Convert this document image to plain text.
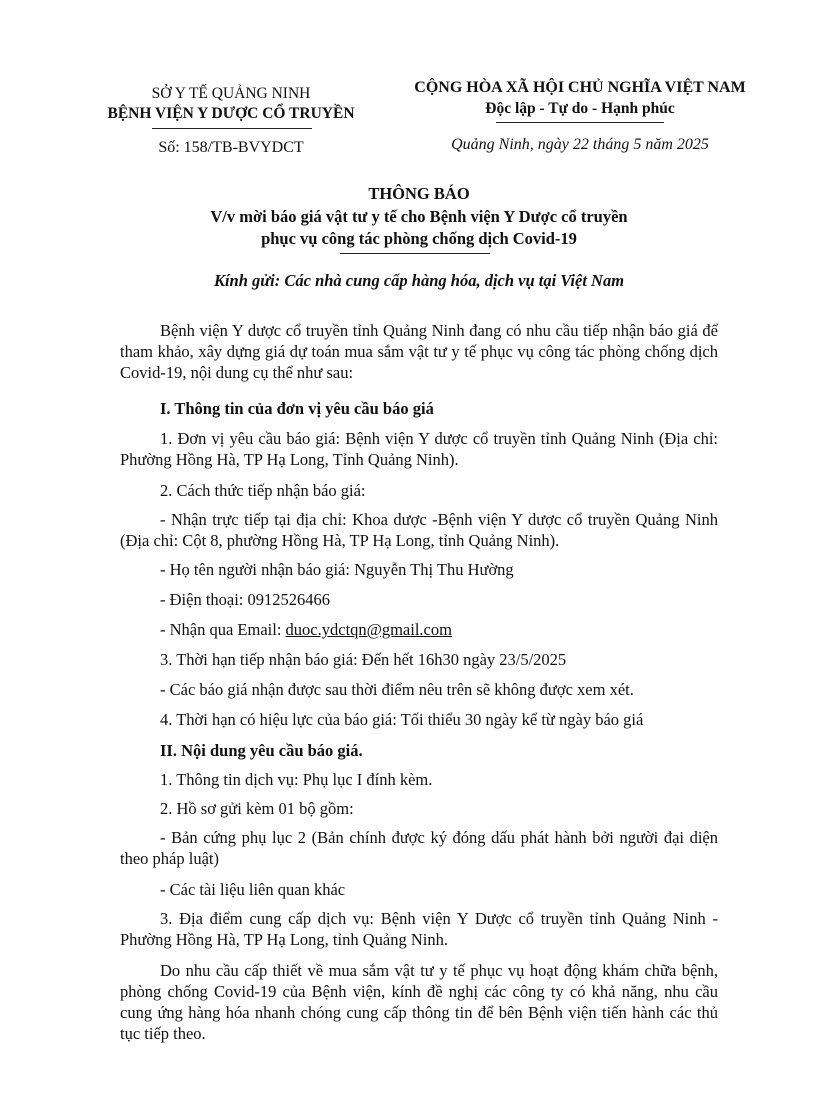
SỞ Y TẾ QUẢNG NINH
BỆNH VIỆN Y DƯỢC CỔ TRUYỀN
Số: 158/TB-BVYDCT
CỘNG HÒA XÃ HỘI CHỦ NGHĨA VIỆT NAM
Độc lập - Tự do - Hạnh phúc
Quảng Ninh, ngày 22 tháng 5 năm 2025
THÔNG BÁO
V/v mời báo giá vật tư y tế cho Bệnh viện Y Dược cổ truyền
phục vụ công tác phòng chống dịch Covid-19
Kính gửi: Các nhà cung cấp hàng hóa, dịch vụ tại Việt Nam
Bệnh viện Y dược cổ truyền tỉnh Quảng Ninh đang có nhu cầu tiếp nhận báo giá để tham khảo, xây dựng giá dự toán mua sắm vật tư y tế phục vụ công tác phòng chống dịch Covid-19, nội dung cụ thể như sau:
I. Thông tin của đơn vị yêu cầu báo giá
1. Đơn vị yêu cầu báo giá: Bệnh viện Y dược cổ truyền tỉnh Quảng Ninh (Địa chỉ: Phường Hồng Hà, TP Hạ Long, Tỉnh Quảng Ninh).
2. Cách thức tiếp nhận báo giá:
- Nhận trực tiếp tại địa chỉ: Khoa dược -Bệnh viện Y dược cổ truyền Quảng Ninh (Địa chỉ: Cột 8, phường Hồng Hà, TP Hạ Long, tỉnh Quảng Ninh).
- Họ tên người nhận báo giá: Nguyễn Thị Thu Hường
- Điện thoại: 0912526466
- Nhận qua Email: duoc.ydctqn@gmail.com
3. Thời hạn tiếp nhận báo giá: Đến hết 16h30 ngày 23/5/2025
- Các báo giá nhận được sau thời điểm nêu trên sẽ không được xem xét.
4. Thời hạn có hiệu lực của báo giá: Tối thiểu 30 ngày kể từ ngày báo giá
II. Nội dung yêu cầu báo giá.
1. Thông tin dịch vụ: Phụ lục I đính kèm.
2. Hồ sơ gửi kèm 01 bộ gồm:
- Bản cứng phụ lục 2 (Bản chính được ký đóng dấu phát hành bởi người đại diện theo pháp luật)
- Các tài liệu liên quan khác
3. Địa điểm cung cấp dịch vụ: Bệnh viện Y Dược cổ truyền tỉnh Quảng Ninh - Phường Hồng Hà, TP Hạ Long, tỉnh Quảng Ninh.
Do nhu cầu cấp thiết về mua sắm vật tư y tế phục vụ hoạt động khám chữa bệnh, phòng chống Covid-19 của Bệnh viện, kính đề nghị các công ty có khả năng, nhu cầu cung ứng hàng hóa nhanh chóng cung cấp thông tin để bên Bệnh viện tiến hành các thủ tục tiếp theo.
